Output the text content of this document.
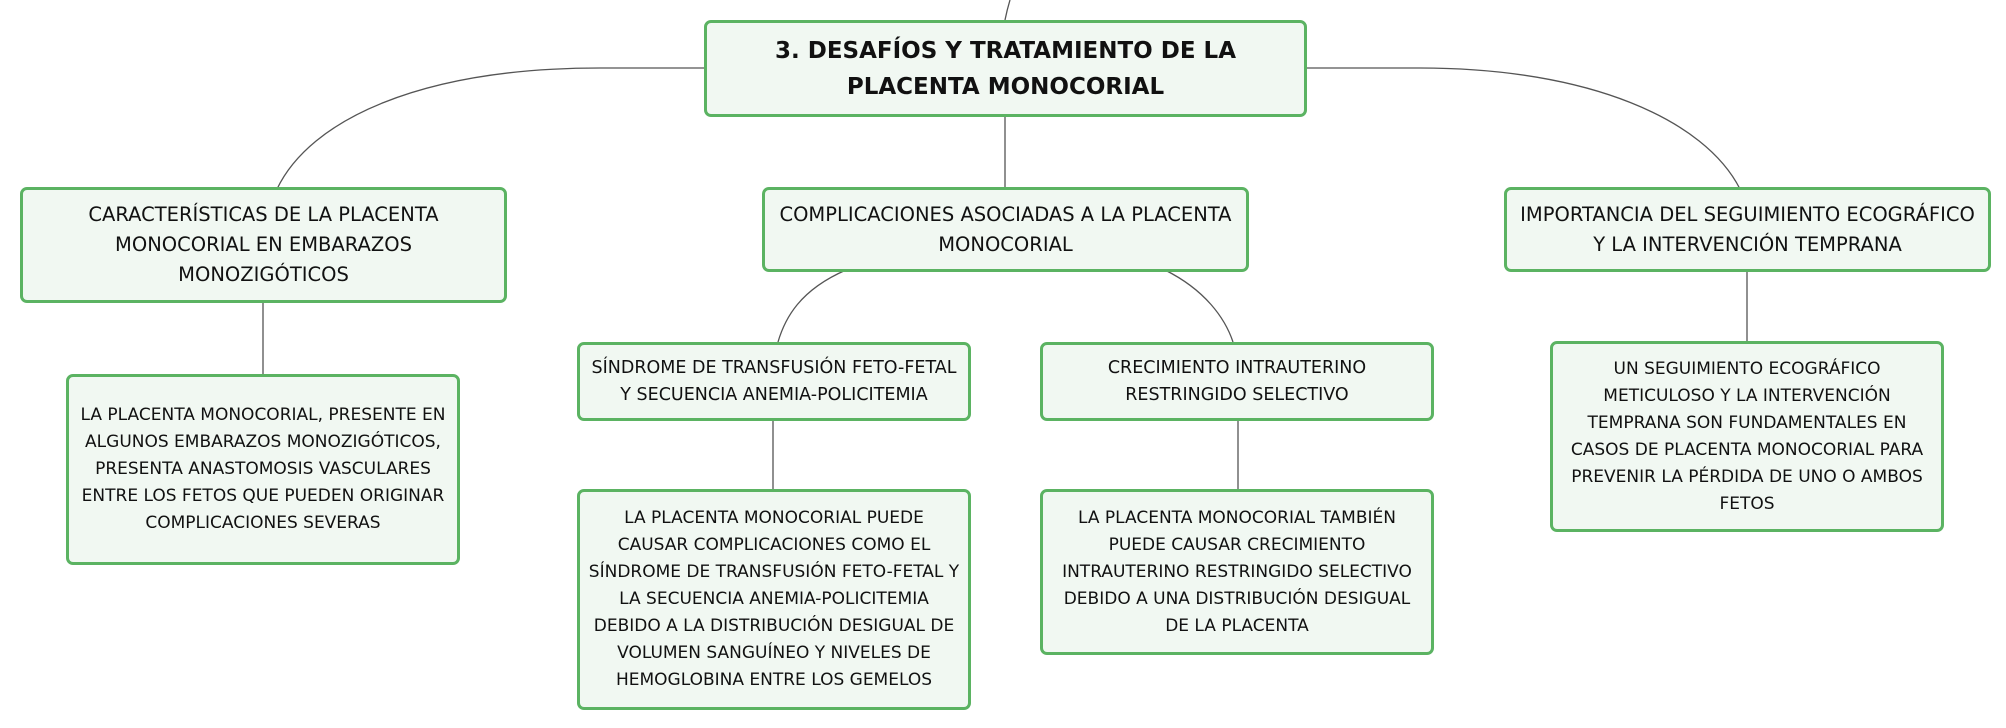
3. DESAFÍOS Y TRATAMIENTO DE LA PLACENTA MONOCORIAL
CARACTERÍSTICAS DE LA PLACENTA MONOCORIAL EN EMBARAZOS MONOZIGÓTICOS
COMPLICACIONES ASOCIADAS A LA PLACENTA MONOCORIAL
IMPORTANCIA DEL SEGUIMIENTO ECOGRÁFICO Y LA INTERVENCIÓN TEMPRANA
LA PLACENTA MONOCORIAL, PRESENTE EN ALGUNOS EMBARAZOS MONOZIGÓTICOS, PRESENTA ANASTOMOSIS VASCULARES ENTRE LOS FETOS QUE PUEDEN ORIGINAR COMPLICACIONES SEVERAS
SÍNDROME DE TRANSFUSIÓN FETO-FETAL Y SECUENCIA ANEMIA-POLICITEMIA
CRECIMIENTO INTRAUTERINO RESTRINGIDO SELECTIVO
LA PLACENTA MONOCORIAL PUEDE CAUSAR COMPLICACIONES COMO EL SÍNDROME DE TRANSFUSIÓN FETO-FETAL Y LA SECUENCIA ANEMIA-POLICITEMIA DEBIDO A LA DISTRIBUCIÓN DESIGUAL DE VOLUMEN SANGUÍNEO Y NIVELES DE HEMOGLOBINA ENTRE LOS GEMELOS
LA PLACENTA MONOCORIAL TAMBIÉN PUEDE CAUSAR CRECIMIENTO INTRAUTERINO RESTRINGIDO SELECTIVO DEBIDO A UNA DISTRIBUCIÓN DESIGUAL DE LA PLACENTA
UN SEGUIMIENTO ECOGRÁFICO METICULOSO Y LA INTERVENCIÓN TEMPRANA SON FUNDAMENTALES EN CASOS DE PLACENTA MONOCORIAL PARA PREVENIR LA PÉRDIDA DE UNO O AMBOS FETOS
